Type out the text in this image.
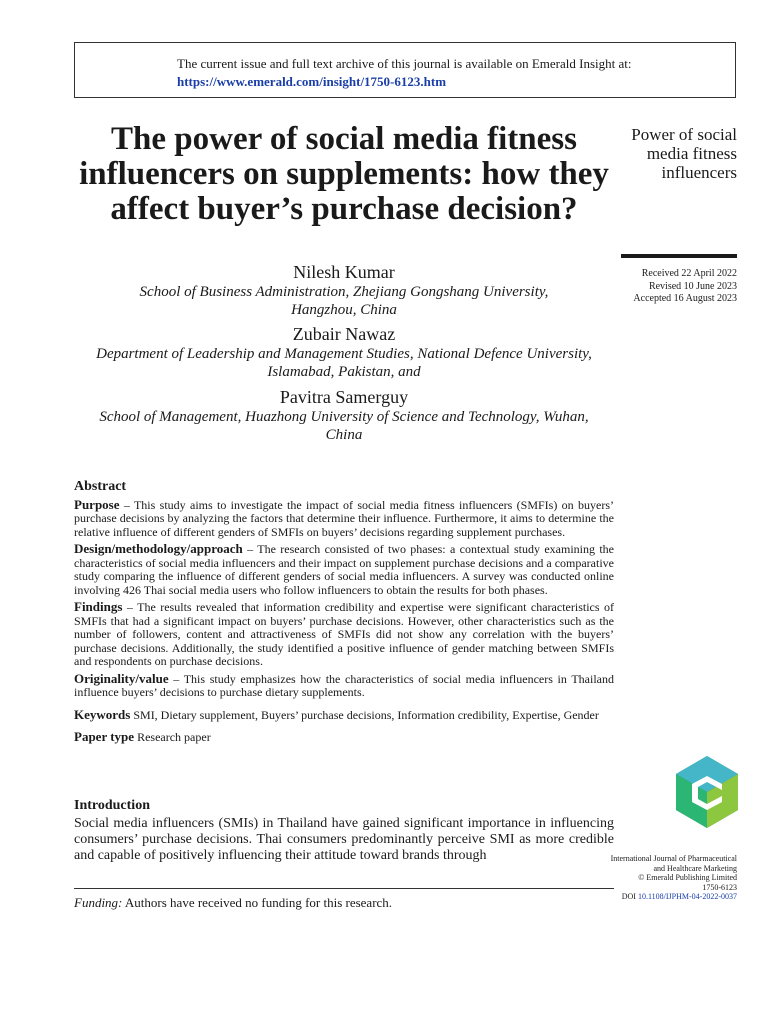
The current issue and full text archive of this journal is available on Emerald Insight at:
https://www.emerald.com/insight/1750-6123.htm
The power of social media fitness influencers on supplements: how they affect buyer’s purchase decision?
Power of social media fitness influencers
Received 22 April 2022
Revised 10 June 2023
Accepted 16 August 2023
Nilesh Kumar
School of Business Administration, Zhejiang Gongshang University, Hangzhou, China
Zubair Nawaz
Department of Leadership and Management Studies, National Defence University, Islamabad, Pakistan, and
Pavitra Samerguy
School of Management, Huazhong University of Science and Technology, Wuhan, China
Abstract

Purpose – This study aims to investigate the impact of social media fitness influencers (SMFIs) on buyers’ purchase decisions by analyzing the factors that determine their influence. Furthermore, it aims to determine the relative influence of different genders of SMFIs on buyers’ decisions regarding supplement purchases.

Design/methodology/approach – The research consisted of two phases: a contextual study examining the characteristics of social media influencers and their impact on supplement purchase decisions and a comparative study comparing the influence of different genders of social media influencers. A survey was conducted online involving 426 Thai social media users who follow influencers to obtain the results for both phases.

Findings – The results revealed that information credibility and expertise were significant characteristics of SMFIs that had a significant impact on buyers’ purchase decisions. However, other characteristics such as the number of followers, content and attractiveness of SMFIs did not show any correlation with the buyers’ purchase decisions. Additionally, the study identified a positive influence of gender matching between SMFIs and respondents on purchase decisions.

Originality/value – This study emphasizes how the characteristics of social media influencers in Thailand influence buyers’ decisions to purchase dietary supplements.

Keywords SMI, Dietary supplement, Buyers’ purchase decisions, Information credibility, Expertise, Gender

Paper type Research paper

Introduction

Social media influencers (SMIs) in Thailand have gained significant importance in influencing consumers’ purchase decisions. Thai consumers predominantly perceive SMI as more credible and capable of positively influencing their attitude toward brands through

Funding: Authors have received no funding for this research.
International Journal of Pharmaceutical and Healthcare Marketing
© Emerald Publishing Limited
1750-6123
DOI 10.1108/IJPHM-04-2022-0037
